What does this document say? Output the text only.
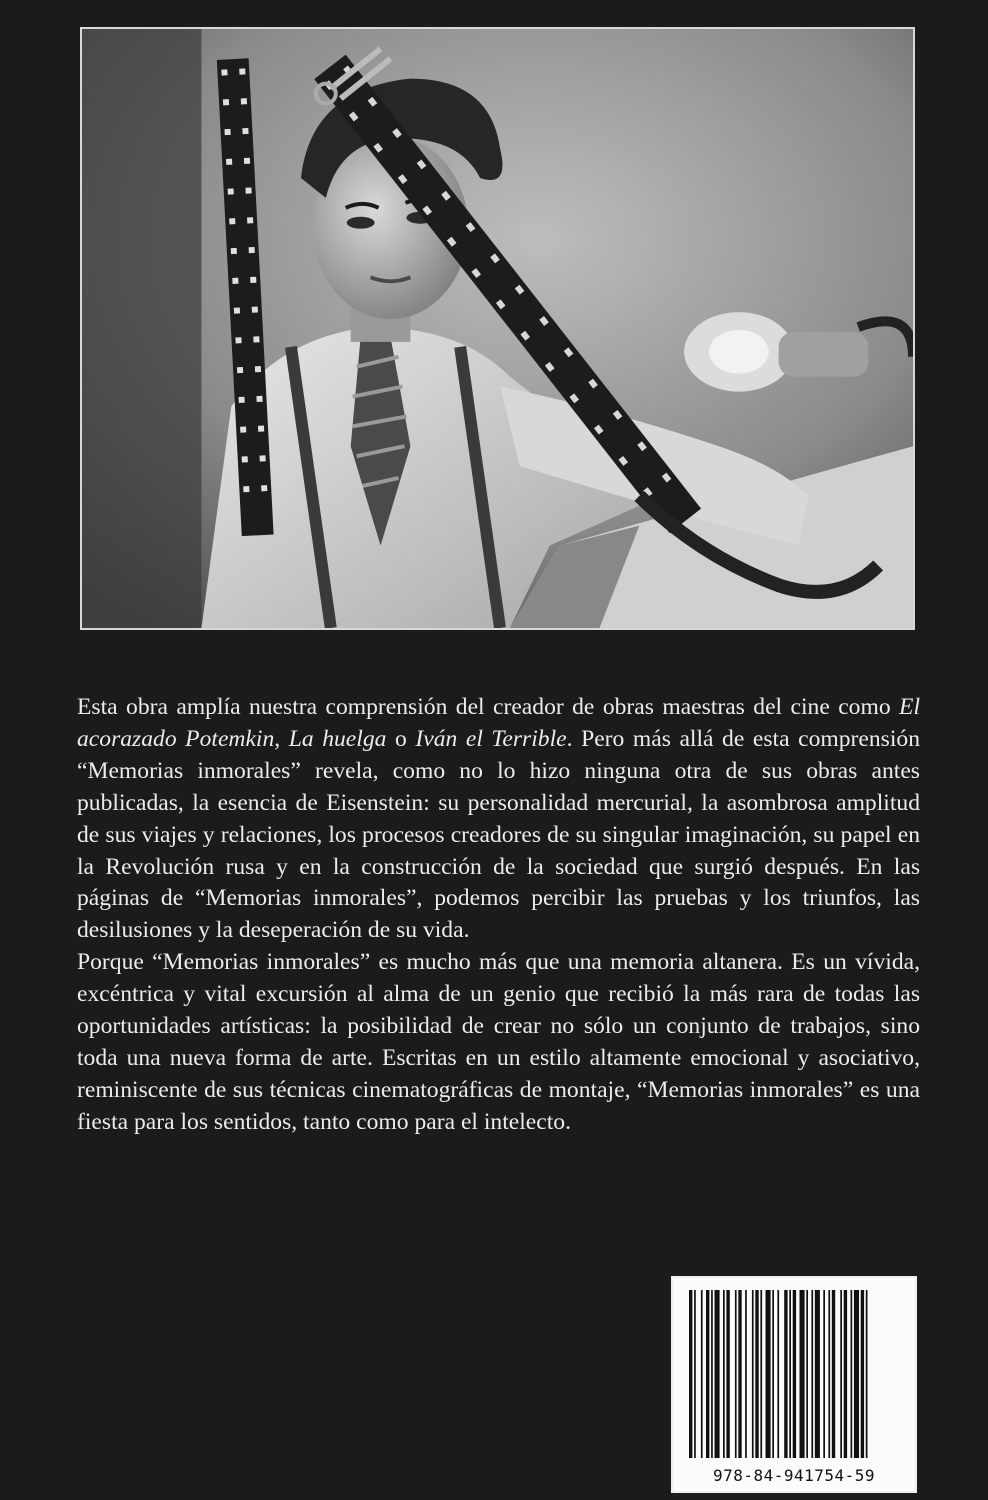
Esta obra amplía nuestra comprensión del creador de obras maestras del cine como El acorazado Potemkin, La huelga o Iván el Terrible. Pero más allá de esta comprensión “Memorias inmorales” revela, como no lo hizo ninguna otra de sus obras antes publicadas, la esencia de Eisenstein: su personalidad mercurial, la asombrosa amplitud de sus viajes y relaciones, los procesos creadores de su singular imaginación, su papel en la Revolución rusa y en la construcción de la sociedad que surgió después. En las páginas de “Memorias inmorales”, podemos percibir las pruebas y los triunfos, las desilusiones y la deseperación de su vida.

Porque “Memorias inmorales” es mucho más que una memoria altanera. Es un vívida, excéntrica y vital excursión al alma de un genio que recibió la más rara de todas las oportunidades artísticas: la posibilidad de crear no sólo un conjunto de trabajos, sino toda una nueva forma de arte. Escritas en un estilo altamente emocional y asociativo, reminiscente de sus técnicas cinematográficas de montaje, “Memorias inmorales” es una fiesta para los sentidos, tanto como para el intelecto.

978-84-941754-59
